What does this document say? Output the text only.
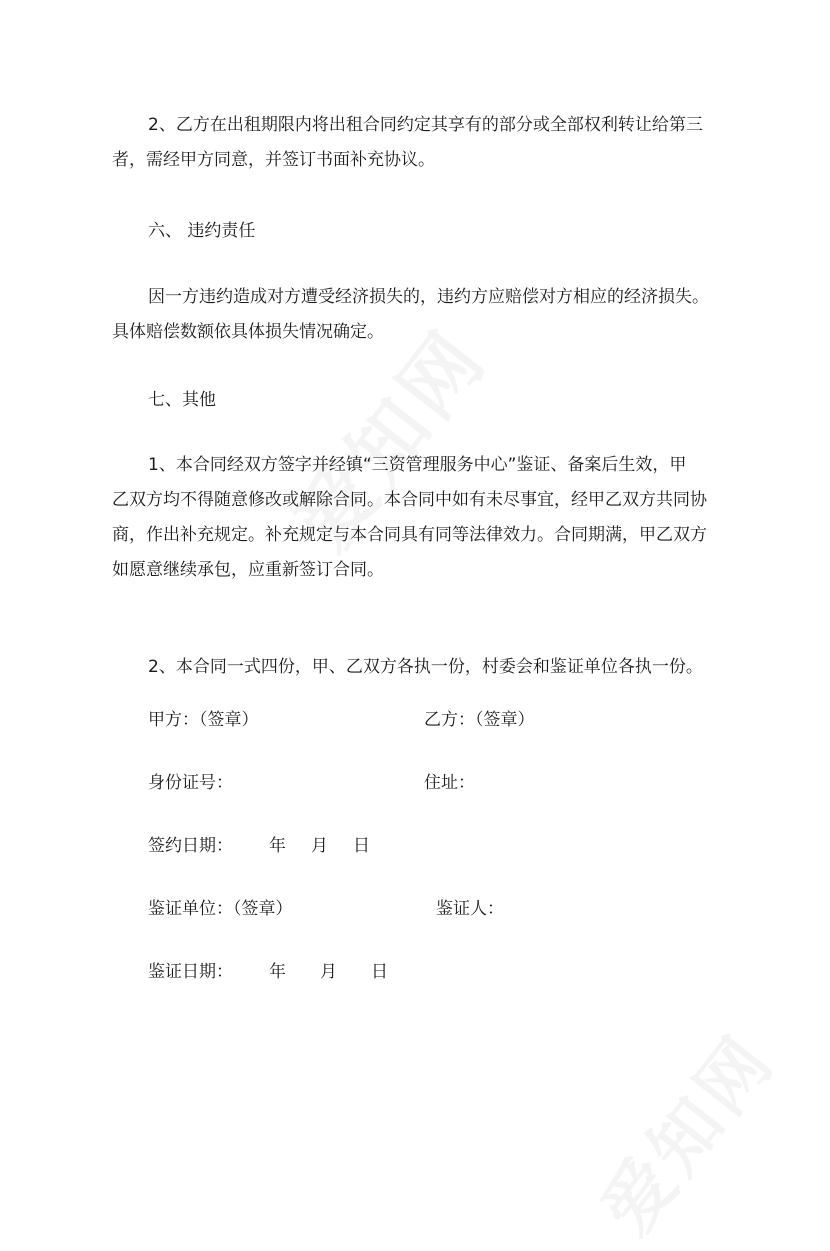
2、乙方在出租期限内将出租合同约定其享有的部分或全部权利转让给第三
者，需经甲方同意，并签订书面补充协议。

六、 违约责任

因一方违约造成对方遭受经济损失的，违约方应赔偿对方相应的经济损失。
具体赔偿数额依具体损失情况确定。

七、其他

1、本合同经双方签字并经镇“三资管理服务中心”鉴证、备案后生效，甲
乙双方均不得随意修改或解除合同。本合同中如有未尽事宜，经甲乙双方共同协
商，作出补充规定。补充规定与本合同具有同等法律效力。合同期满，甲乙双方
如愿意继续承包，应重新签订合同。

2、本合同一式四份，甲、乙双方各执一份，村委会和鉴证单位各执一份。

甲方：（签章）	乙方：（签章）
身份证号：	住址：
签约日期： 年 月 日
鉴证单位：（签章）	鉴证人：
鉴证日期： 年 月 日
